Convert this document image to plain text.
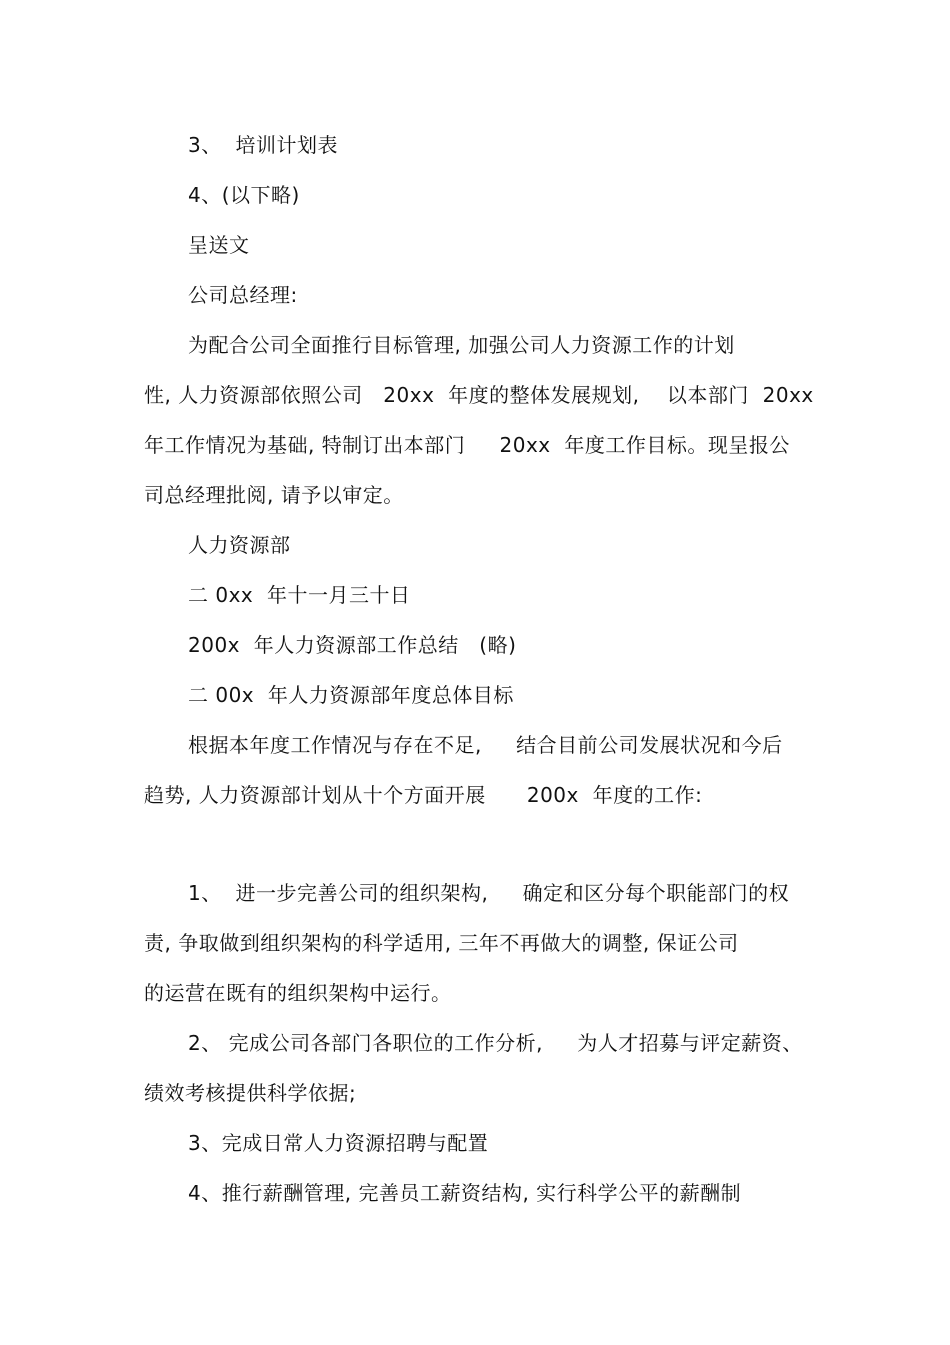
3、  培训计划表
4、(以下略)
呈送文
公司总经理:
为配合公司全面推行目标管理, 加强公司人力资源工作的计划
性, 人力资源部依照公司   20xx  年度的整体发展规划,    以本部门  20xx
年工作情况为基础, 特制订出本部门     20xx  年度工作目标。现呈报公
司总经理批阅, 请予以审定。
人力资源部
二 0xx  年十一月三十日
200x  年人力资源部工作总结   (略)
二 00x  年人力资源部年度总体目标
根据本年度工作情况与存在不足,     结合目前公司发展状况和今后
趋势, 人力资源部计划从十个方面开展      200x  年度的工作:
1、  进一步完善公司的组织架构,     确定和区分每个职能部门的权
责, 争取做到组织架构的科学适用, 三年不再做大的调整, 保证公司
的运营在既有的组织架构中运行。
2、 完成公司各部门各职位的工作分析,     为人才招募与评定薪资、
绩效考核提供科学依据;
3、完成日常人力资源招聘与配置
4、推行薪酬管理, 完善员工薪资结构, 实行科学公平的薪酬制
